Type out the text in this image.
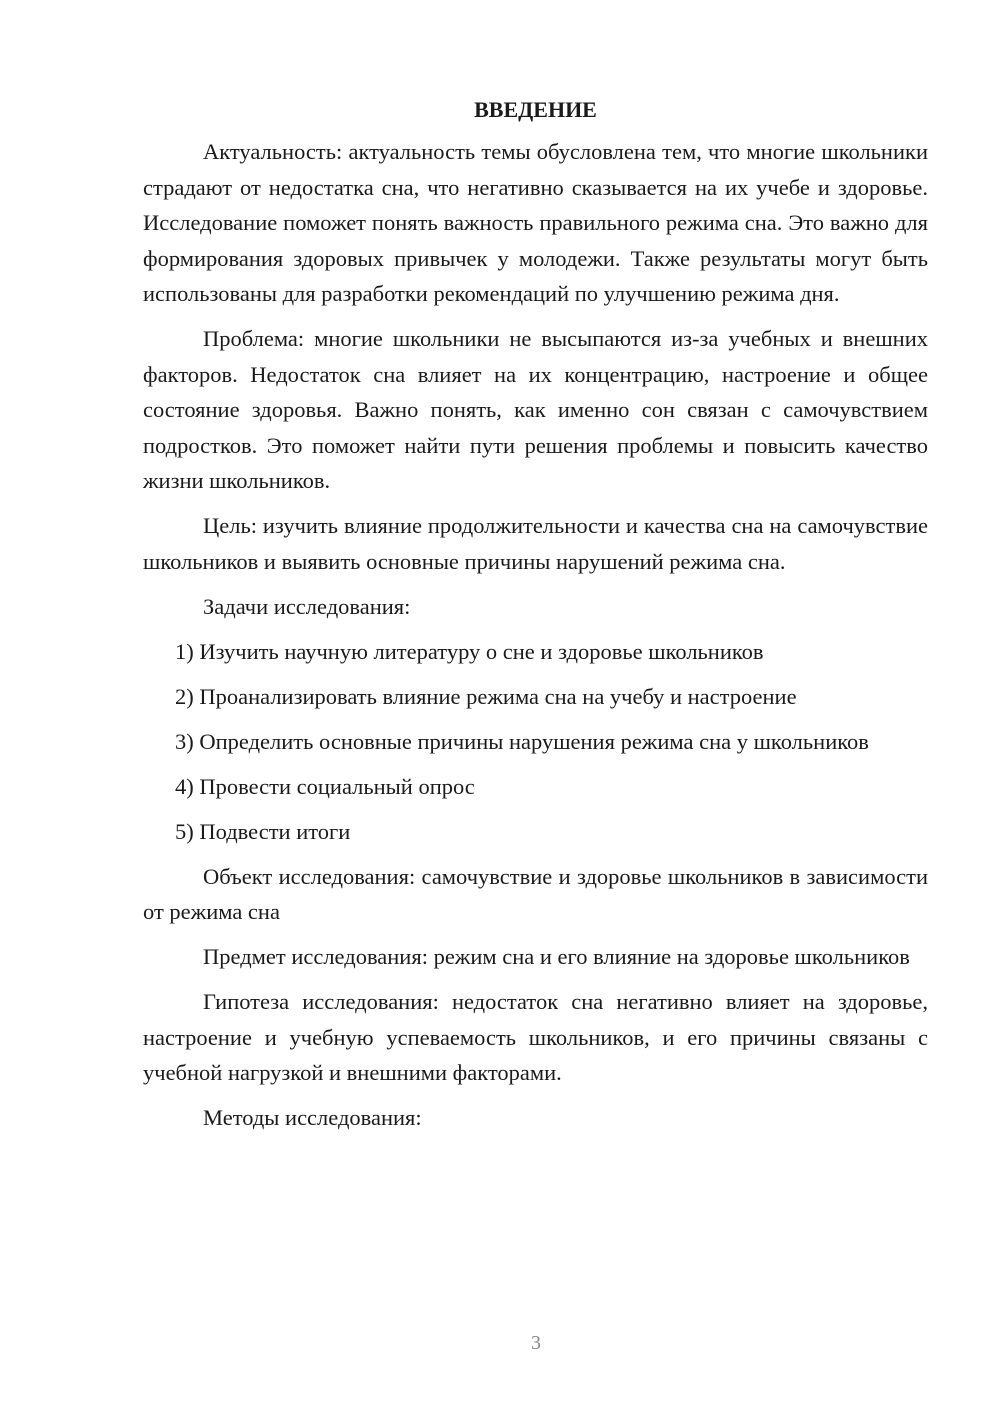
ВВЕДЕНИЕ

Актуальность: актуальность темы обусловлена тем, что многие школьники страдают от недостатка сна, что негативно сказывается на их учебе и здоровье. Исследование поможет понять важность правильного режима сна. Это важно для формирования здоровых привычек у молодежи. Также результаты могут быть использованы для разработки рекомендаций по улучшению режима дня.

Проблема: многие школьники не высыпаются из-за учебных и внешних факторов. Недостаток сна влияет на их концентрацию, настроение и общее состояние здоровья. Важно понять, как именно сон связан с самочувствием подростков. Это поможет найти пути решения проблемы и повысить качество жизни школьников.

Цель: изучить влияние продолжительности и качества сна на самочувствие школьников и выявить основные причины нарушений режима сна.

Задачи исследования:

1) Изучить научную литературу о сне и здоровье школьников

2) Проанализировать влияние режима сна на учебу и настроение

3) Определить основные причины нарушения режима сна у школьников

4) Провести социальный опрос

5) Подвести итоги

Объект исследования: самочувствие и здоровье школьников в зависимости от режима сна

Предмет исследования: режим сна и его влияние на здоровье школьников

Гипотеза исследования: недостаток сна негативно влияет на здоровье, настроение и учебную успеваемость школьников, и его причины связаны с учебной нагрузкой и внешними факторами.

Методы исследования:

3
